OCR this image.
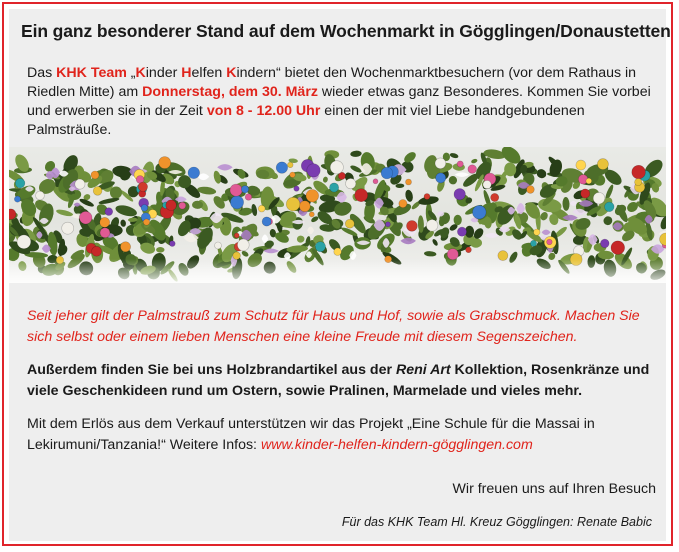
Ein ganz besonderer Stand auf dem Wochenmarkt in Gögglingen/Donaustetten
Das KHK Team „Kinder Helfen Kindern“ bietet den Wochenmarktbesuchern (vor dem Rathaus in Riedlen Mitte) am Donnerstag, dem 30. März wieder etwas ganz Besonderes. Kommen Sie vorbei und erwerben sie in der Zeit von 8 - 12.00 Uhr einen der mit viel Liebe handgebundenen Palmsträuße.
Seit jeher gilt der Palmstrauß zum Schutz für Haus und Hof, sowie als Grabschmuck. Machen Sie sich selbst oder einem lieben Menschen eine kleine Freude mit diesem Segenszeichen.
Außerdem finden Sie bei uns Holzbrandartikel aus der Reni Art Kollektion, Rosenkränze und viele Geschenkideen rund um Ostern, sowie Pralinen, Marmelade und vieles mehr.
Mit dem Erlös aus dem Verkauf unterstützen wir das Projekt „Eine Schule für die Massai in Lekirumuni/Tanzania!“ Weitere Infos: www.kinder-helfen-kindern-gögglingen.com
Wir freuen uns auf Ihren Besuch
Für das KHK Team Hl. Kreuz Gögglingen: Renate Babic
